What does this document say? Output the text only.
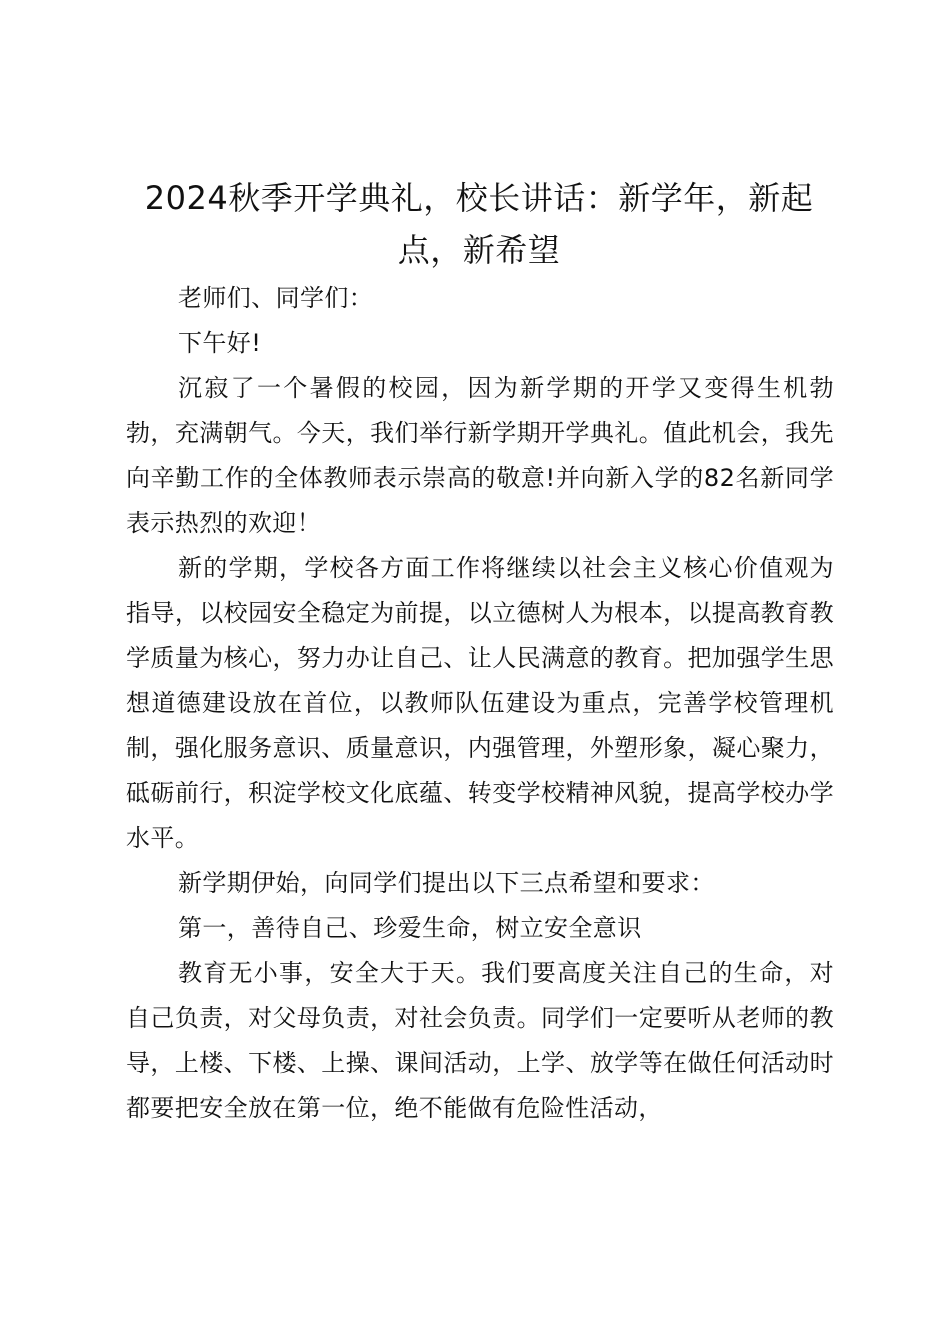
2024秋季开学典礼，校长讲话：新学年，新起点，新希望

老师们、同学们：

下午好!

沉寂了一个暑假的校园，因为新学期的开学又变得生机勃勃，充满朝气。今天，我们举行新学期开学典礼。值此机会，我先向辛勤工作的全体教师表示崇高的敬意!并向新入学的82名新同学表示热烈的欢迎！

新的学期，学校各方面工作将继续以社会主义核心价值观为指导，以校园安全稳定为前提，以立德树人为根本，以提高教育教学质量为核心，努力办让自己、让人民满意的教育。把加强学生思想道德建设放在首位，以教师队伍建设为重点，完善学校管理机制，强化服务意识、质量意识，内强管理，外塑形象，凝心聚力，砥砺前行，积淀学校文化底蕴、转变学校精神风貌，提高学校办学水平。

新学期伊始，向同学们提出以下三点希望和要求：

第一，善待自己、珍爱生命，树立安全意识

教育无小事，安全大于天。我们要高度关注自己的生命，对自己负责，对父母负责，对社会负责。同学们一定要听从老师的教导，上楼、下楼、上操、课间活动，上学、放学等在做任何活动时都要把安全放在第一位，绝不能做有危险性活动，
